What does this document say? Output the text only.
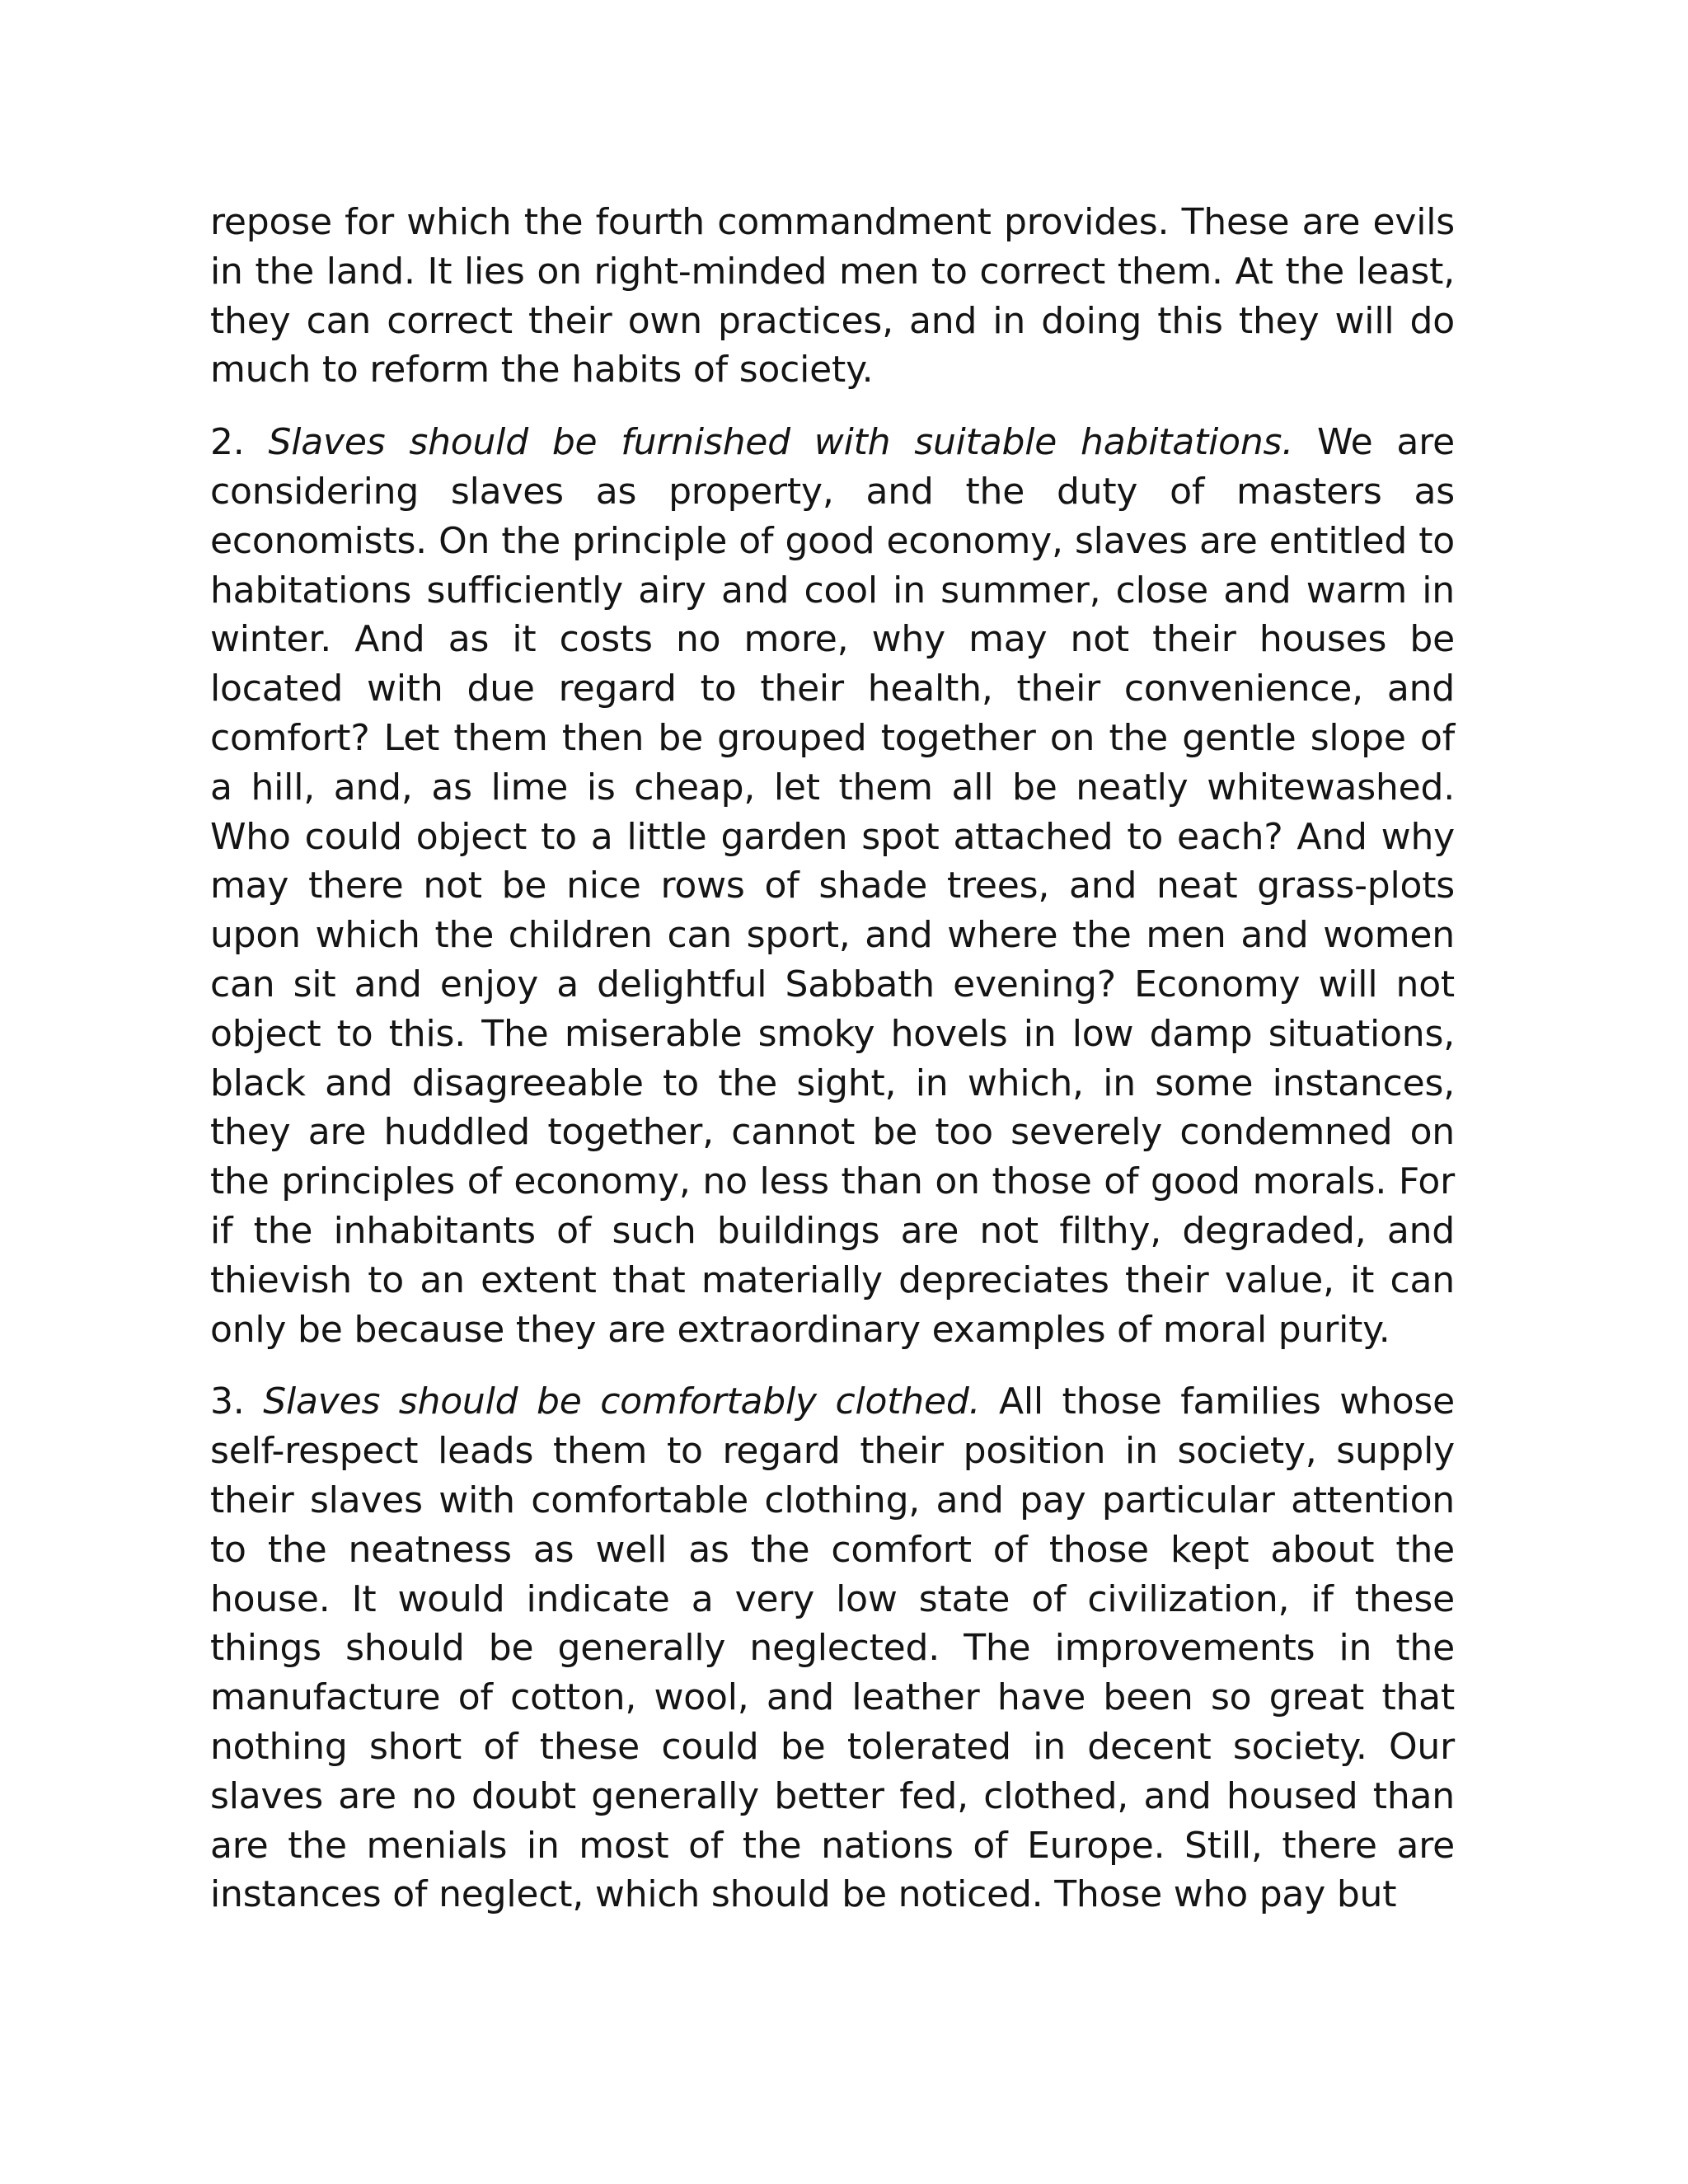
repose for which the fourth commandment provides. These are evils in the land. It lies on right-minded men to correct them. At the least, they can correct their own practices, and in doing this they will do much to reform the habits of society.

2. Slaves should be furnished with suitable habitations. We are considering slaves as property, and the duty of masters as economists. On the principle of good economy, slaves are entitled to habitations sufficiently airy and cool in summer, close and warm in winter. And as it costs no more, why may not their houses be located with due regard to their health, their convenience, and comfort? Let them then be grouped together on the gentle slope of a hill, and, as lime is cheap, let them all be neatly whitewashed. Who could object to a little garden spot attached to each? And why may there not be nice rows of shade trees, and neat grass-plots upon which the children can sport, and where the men and women can sit and enjoy a delightful Sabbath evening? Economy will not object to this. The miserable smoky hovels in low damp situations, black and disagreeable to the sight, in which, in some instances, they are huddled together, cannot be too severely condemned on the principles of economy, no less than on those of good morals. For if the inhabitants of such buildings are not filthy, degraded, and thievish to an extent that materially depreciates their value, it can only be because they are extraordinary examples of moral purity.

3. Slaves should be comfortably clothed. All those families whose self-respect leads them to regard their position in society, supply their slaves with comfortable clothing, and pay particular attention to the neatness as well as the comfort of those kept about the house. It would indicate a very low state of civilization, if these things should be generally neglected. The improvements in the manufacture of cotton, wool, and leather have been so great that nothing short of these could be tolerated in decent society. Our slaves are no doubt generally better fed, clothed, and housed than are the menials in most of the nations of Europe. Still, there are instances of neglect, which should be noticed. Those who pay but
